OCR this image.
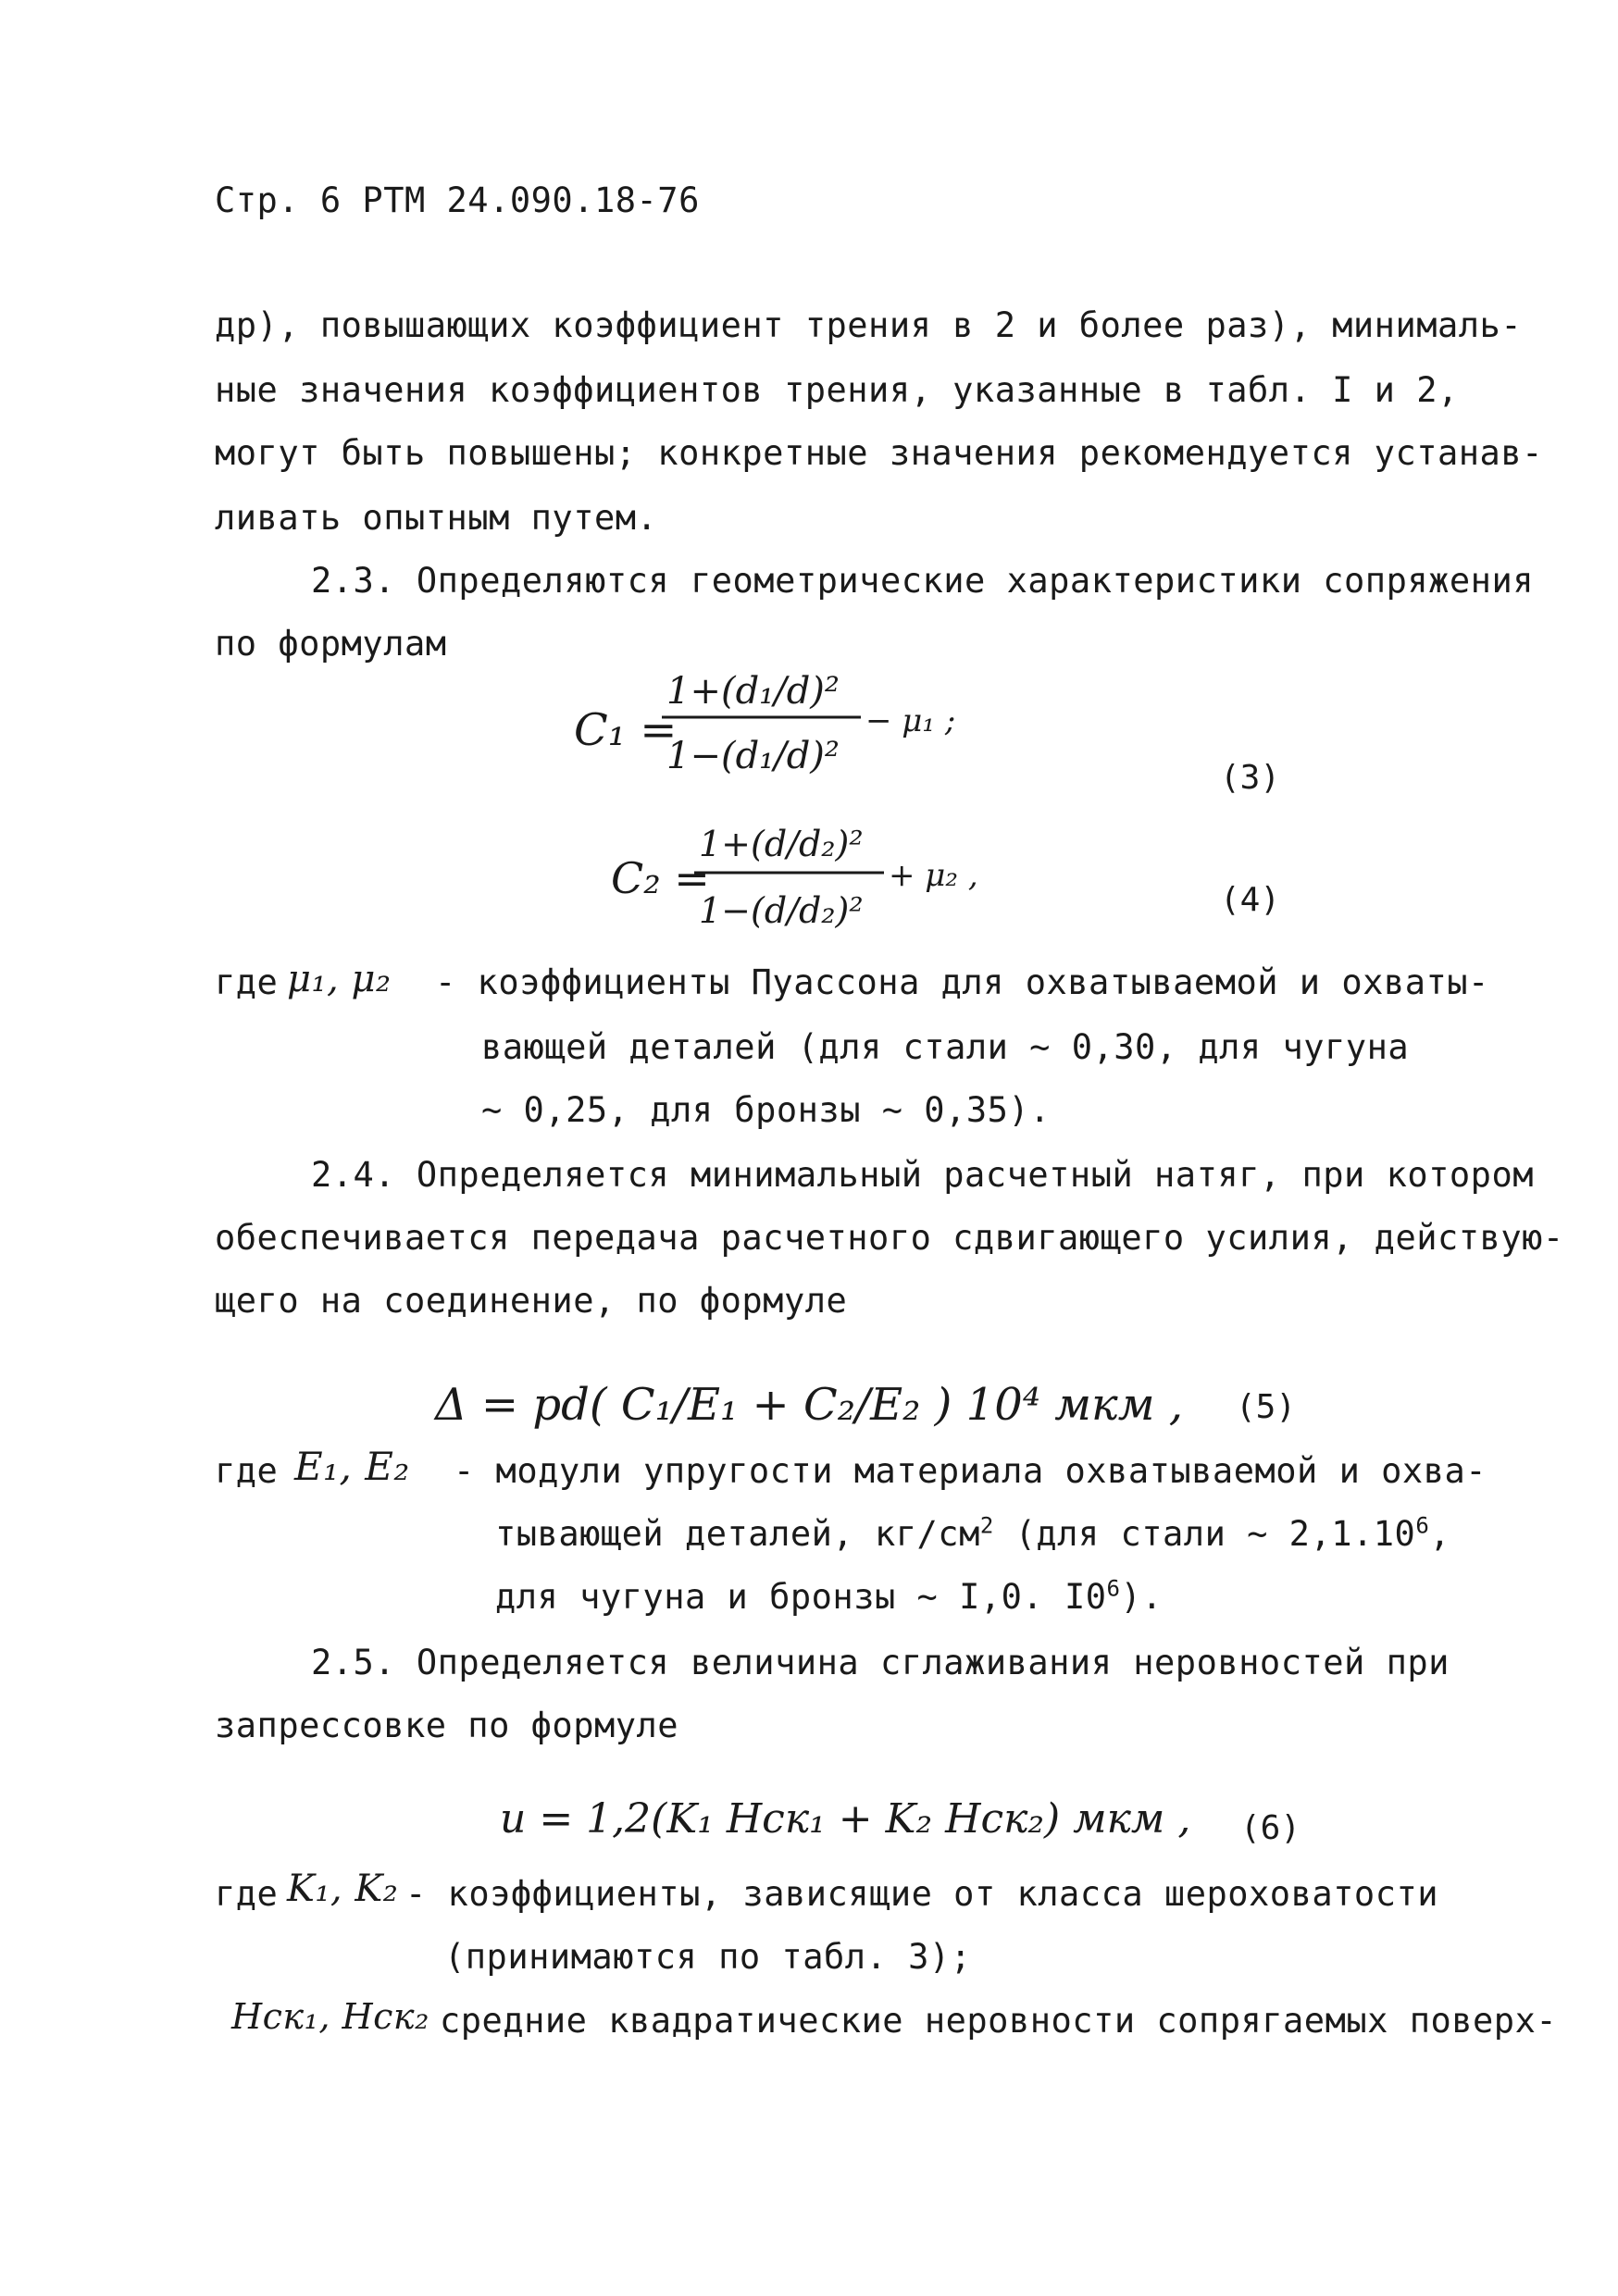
Стр. 6 РТМ 24.090.18-76
др), повышающих коэффициент трения в 2 и более раз), минималь-
ные значения коэффициентов трения, указанные в табл. I и 2,
могут быть повышены; конкретные значения рекомендуется устанав-
ливать опытным путем.
2.3. Определяются геометрические характеристики сопряжения
по формулам
C₁ =
1+(d₁/d)²
1−(d₁/d)²
− μ₁ ;
(3)
C₂ =
1+(d/d₂)²
1−(d/d₂)²
+ μ₂ ,
(4)
где μ₁, μ₂ - коэффициенты Пуассона для охватываемой и охваты-
вающей деталей (для стали ~ 0,30, для чугуна
~ 0,25, для бронзы ~ 0,35).
2.4. Определяется минимальный расчетный натяг, при котором
обеспечивается передача расчетного сдвигающего усилия, действую-
щего на соединение, по формуле
Δ = pd( C₁/E₁ + C₂/E₂ ) 10⁴ мкм , (5)
где E₁, E₂ - модули упругости материала охватываемой и охва-
тывающей деталей, $кг/см^2$ (для стали ~ 2,1.10$^6$,
для чугуна и бронзы ~ I,0. $I0^6$).
2.5. Определяется величина сглаживания неровностей при
запрессовке по формуле
u = 1,2(K₁ Hск₁ + K₂ Hск₂) мкм , (6)
где K₁, K₂ - коэффициенты, зависящие от класса шероховатости
(принимаются по табл. 3);
Hск₁, Hск₂ средние квадратические неровности сопрягаемых поверх-
